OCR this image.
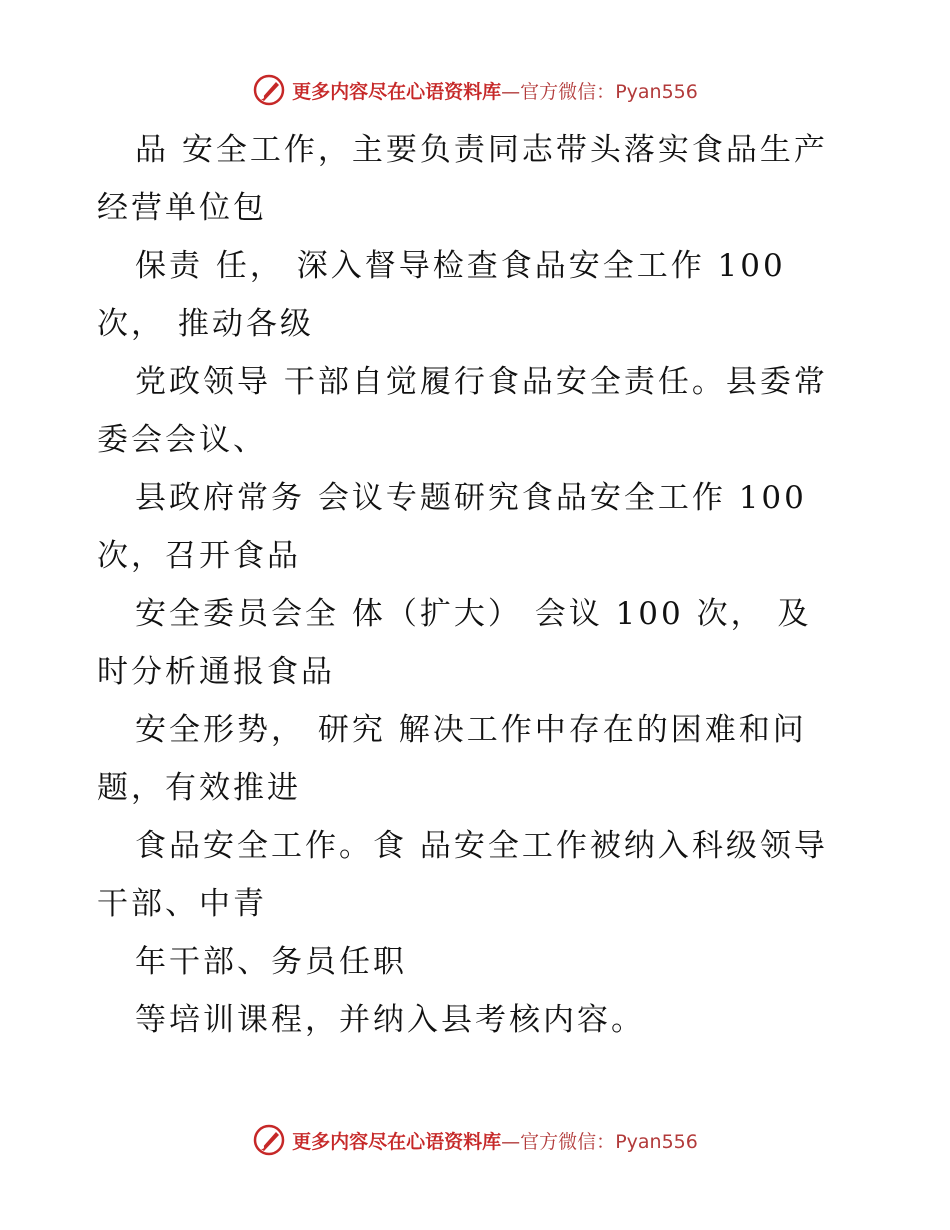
更多内容尽在心语资料库—官方微信：Pyan556
品 安全工作，主要负责同志带头落实食品生产
经营单位包
保责 任， 深入督导检查食品安全工作 100
次， 推动各级
党政领导 干部自觉履行食品安全责任。县委常
委会会议、
县政府常务 会议专题研究食品安全工作 100
次，召开食品
安全委员会全 体（扩大） 会议 100 次， 及
时分析通报食品
安全形势， 研究 解决工作中存在的困难和问
题，有效推进
食品安全工作。食 品安全工作被纳入科级领导
干部、中青
年干部、务员任职
等培训课程，并纳入县考核内容。
更多内容尽在心语资料库—官方微信：Pyan556
